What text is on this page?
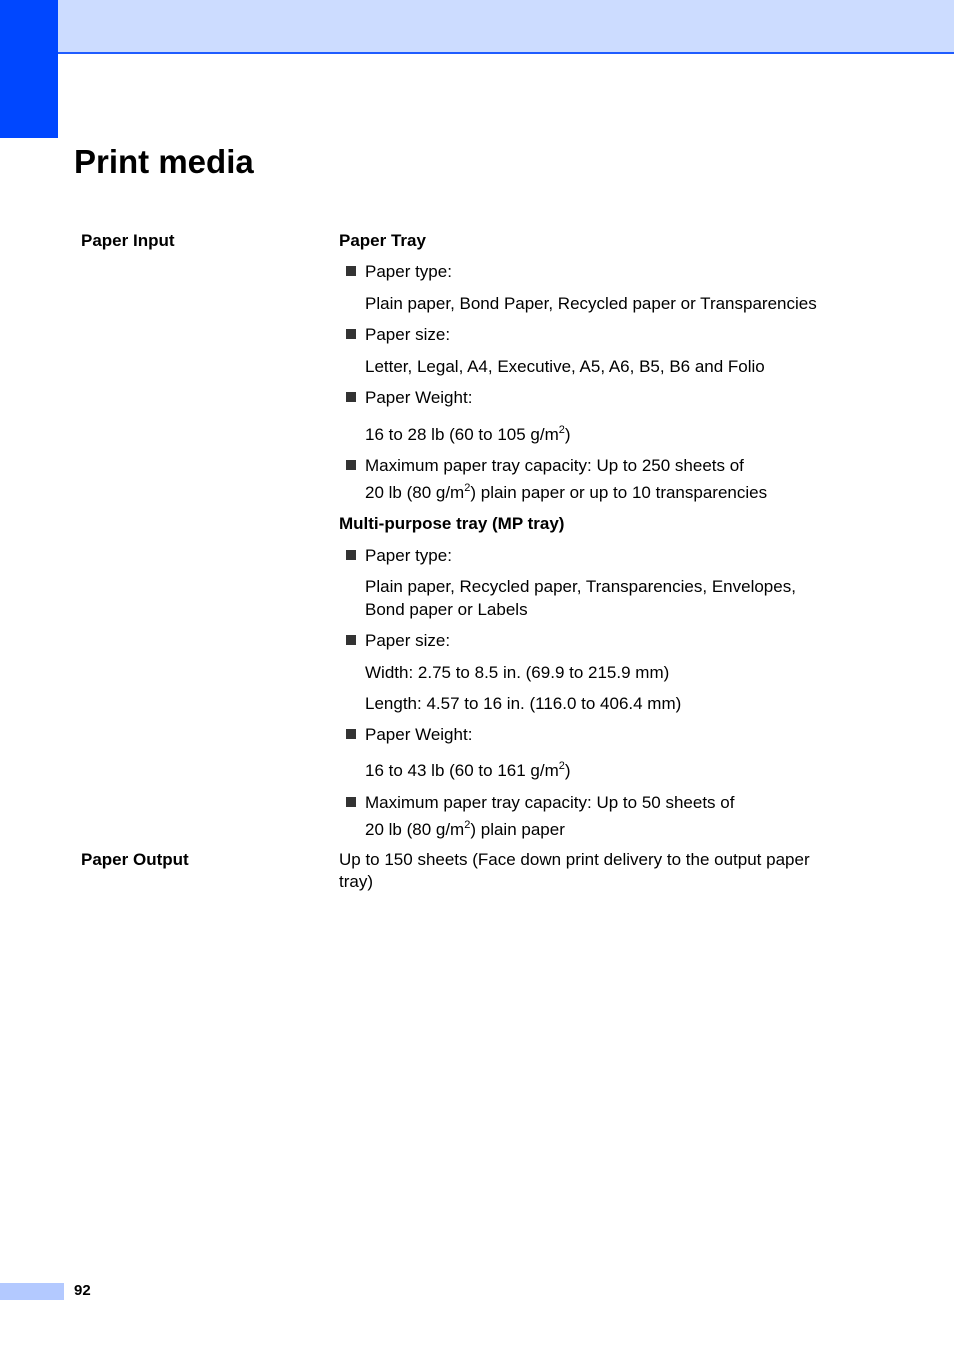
Print media
Paper Input	Paper Tray
Paper type:
Plain paper, Bond Paper, Recycled paper or Transparencies
Paper size:
Letter, Legal, A4, Executive, A5, A6, B5, B6 and Folio
Paper Weight:
16 to 28 lb (60 to 105 $g/m^2$)
Maximum paper tray capacity: Up to 250 sheets of
20 lb (80 $g/m^2$) plain paper or up to 10 transparencies
Multi-purpose tray (MP tray)
Paper type:
Plain paper, Recycled paper, Transparencies, Envelopes,
Bond paper or Labels
Paper size:
Width: 2.75 to 8.5 in. (69.9 to 215.9 mm)
Length: 4.57 to 16 in. (116.0 to 406.4 mm)
Paper Weight:
16 to 43 lb (60 to 161 $g/m^2$)
Maximum paper tray capacity: Up to 50 sheets of
20 lb (80 $g/m^2$) plain paper
Paper Output	Up to 150 sheets (Face down print delivery to the output paper
tray)
92
